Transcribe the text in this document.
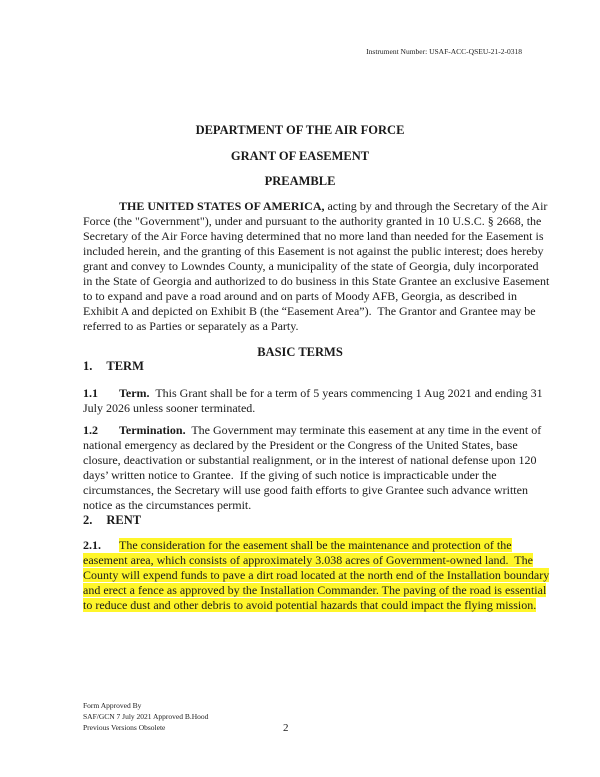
Instrument Number: USAF-ACC-QSEU-21-2-0318
DEPARTMENT OF THE AIR FORCE
GRANT OF EASEMENT
PREAMBLE
THE UNITED STATES OF AMERICA, acting by and through the Secretary of the Air
Force (the "Government"), under and pursuant to the authority granted in 10 U.S.C. § 2668, the
Secretary of the Air Force having determined that no more land than needed for the Easement is
included herein, and the granting of this Easement is not against the public interest; does hereby
grant and convey to Lowndes County, a municipality of the state of Georgia, duly incorporated
in the State of Georgia and authorized to do business in this State Grantee an exclusive Easement
to to expand and pave a road around and on parts of Moody AFB, Georgia, as described in
Exhibit A and depicted on Exhibit B (the “Easement Area”).  The Grantor and Grantee may be
referred to as Parties or separately as a Party.
BASIC TERMS
1. TERM
1.1 Term.  This Grant shall be for a term of 5 years commencing 1 Aug 2021 and ending 31
July 2026 unless sooner terminated.
1.2 Termination.  The Government may terminate this easement at any time in the event of
national emergency as declared by the President or the Congress of the United States, base
closure, deactivation or substantial realignment, or in the interest of national defense upon 120
days’ written notice to Grantee.  If the giving of such notice is impracticable under the
circumstances, the Secretary will use good faith efforts to give Grantee such advance written
notice as the circumstances permit.
2. RENT
2.1. The consideration for the easement shall be the maintenance and protection of the
easement area, which consists of approximately 3.038 acres of Government-owned land.  The
County will expend funds to pave a dirt road located at the north end of the Installation boundary
and erect a fence as approved by the Installation Commander. The paving of the road is essential
to reduce dust and other debris to avoid potential hazards that could impact the flying mission.
Form Approved By
SAF/GCN 7 July 2021 Approved B.Hood
Previous Versions Obsolete	2
